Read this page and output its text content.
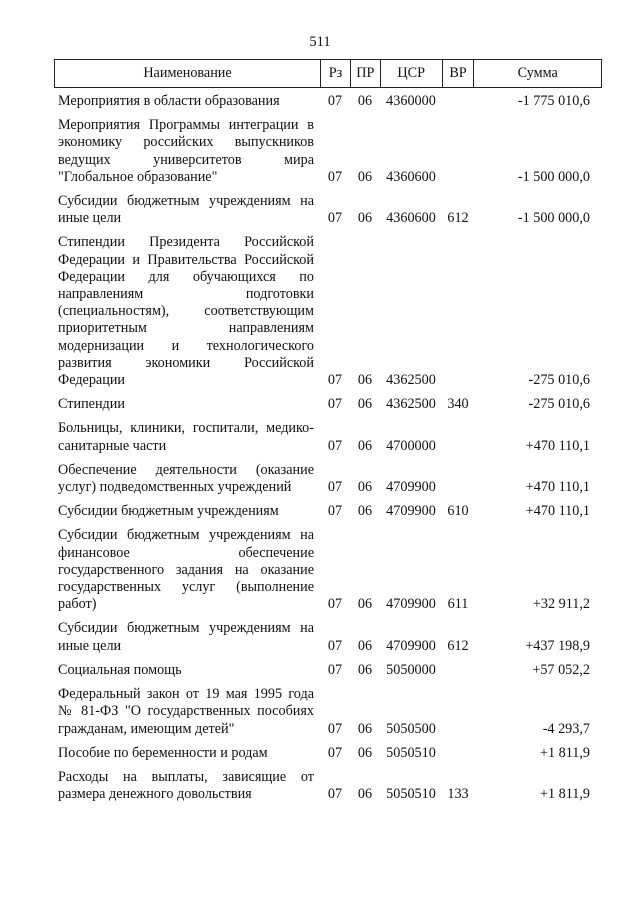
511
Наименование	Рз ПР	ЦСР	ВР	Сумма
Мероприятия в области образования	07	06 4360000	-1 775 010,6
Мероприятия Программы интеграции в экономику российских выпускников ведущих университетов мира "Глобальное образование"	07	06 4360600	-1 500 000,0
Субсидии бюджетным учреждениям на иные цели	07	06 4360600 612	-1 500 000,0
Стипендии Президента Российской Федерации и Правительства Российской Федерации для обучающихся по направлениям подготовки (специальностям), соответствующим приоритетным направлениям модернизации и технологического развития экономики Российской Федерации	07	06 4362500	-275 010,6
Стипендии	07	06 4362500 340	-275 010,6
Больницы, клиники, госпитали, медико-санитарные части	07	06 4700000	+470 110,1
Обеспечение деятельности (оказание услуг) подведомственных учреждений	07	06 4709900	+470 110,1
Субсидии бюджетным учреждениям	07	06 4709900 610	+470 110,1
Субсидии бюджетным учреждениям на финансовое обеспечение государственного задания на оказание государственных услуг (выполнение работ)	07	06 4709900 611	+32 911,2
Субсидии бюджетным учреждениям на иные цели	07	06 4709900 612	+437 198,9
Социальная помощь	07	06 5050000	+57 052,2
Федеральный закон от 19 мая 1995 года № 81-ФЗ "О государственных пособиях гражданам, имеющим детей"	07	06 5050500	-4 293,7
Пособие по беременности и родам	07	06 5050510	+1 811,9
Расходы на выплаты, зависящие от размера денежного довольствия	07	06 5050510 133	+1 811,9
